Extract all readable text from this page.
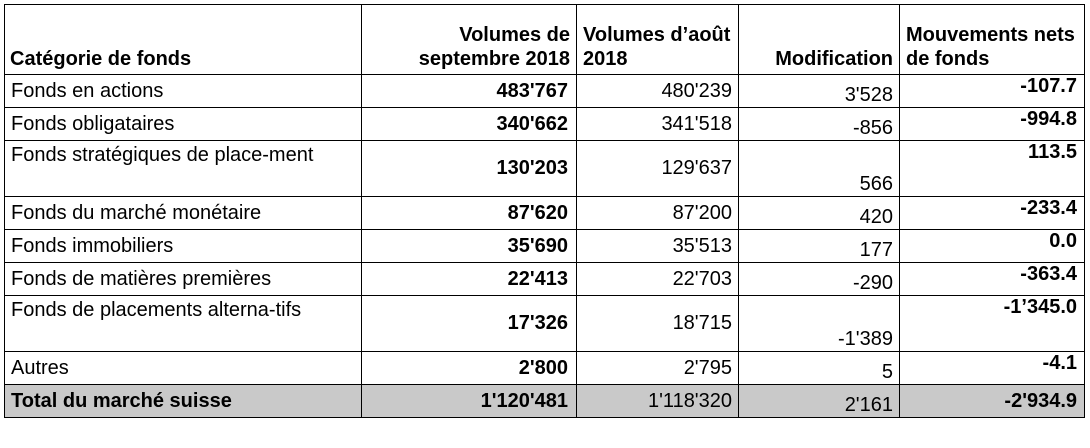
Catégorie de fonds	Volumes de septembre 2018	Volumes d’août 2018	Modification	Mouvements nets de fonds
Fonds en actions	483'767	480'239	3'528	-107.7
Fonds obligataires	340'662	341'518	-856	-994.8
Fonds stratégiques de place-ment	130'203	129'637	566	113.5
Fonds du marché monétaire	87'620	87'200	420	-233.4
Fonds immobiliers	35'690	35'513	177	0.0
Fonds de matières premières	22'413	22'703	-290	-363.4
Fonds de placements alterna-tifs	17'326	18'715	-1'389	-1’345.0
Autres	2'800	2'795	5	-4.1
Total du marché suisse	1'120'481	1'118'320	2'161	-2'934.9
